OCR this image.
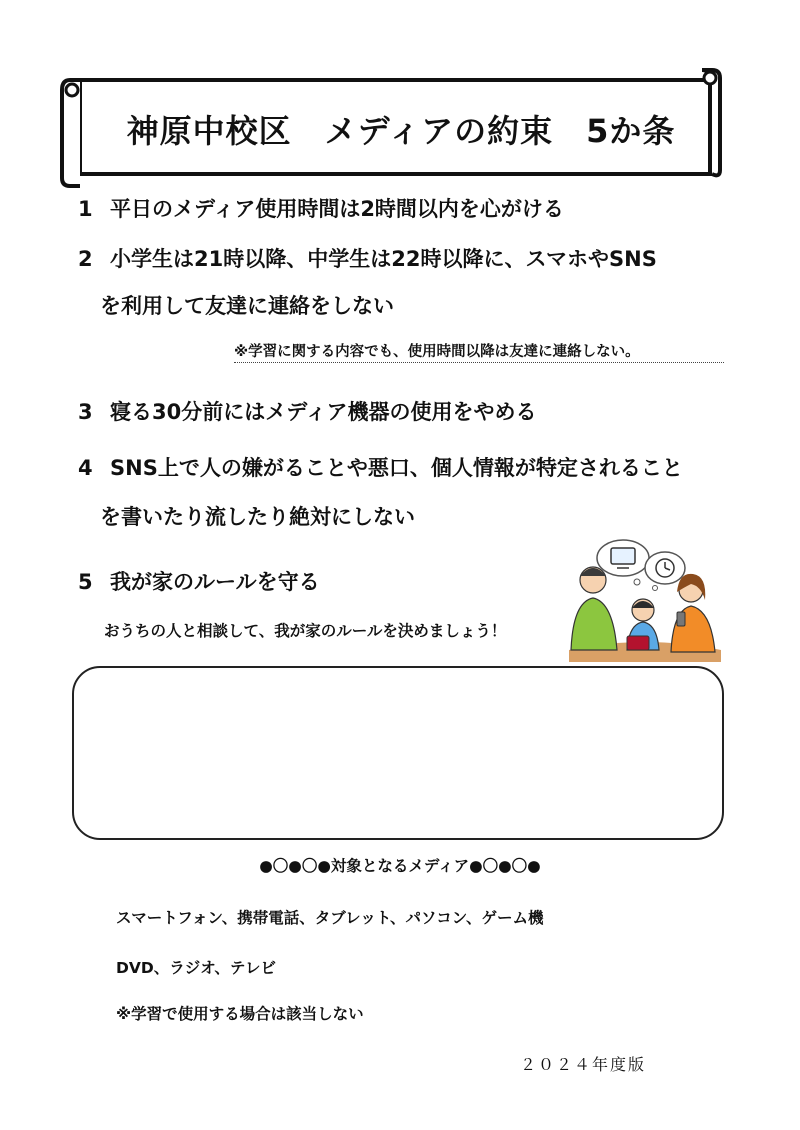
神原中校区　メディアの約束　5か条
1 平日のメディア使用時間は2時間以内を心がける
2 小学生は21時以降、中学生は22時以降に、スマホやSNS
を利用して友達に連絡をしない
※学習に関する内容でも、使用時間以降は友達に連絡しない。
3 寝る30分前にはメディア機器の使用をやめる
4 SNS上で人の嫌がることや悪口、個人情報が特定されること
を書いたり流したり絶対にしない
5 我が家のルールを守る
おうちの人と相談して、我が家のルールを決めましょう！
●〇●〇●対象となるメディア●〇●〇●
スマートフォン、携帯電話、タブレット、パソコン、ゲーム機
DVD、ラジオ、テレビ
※学習で使用する場合は該当しない
２０２４年度版
